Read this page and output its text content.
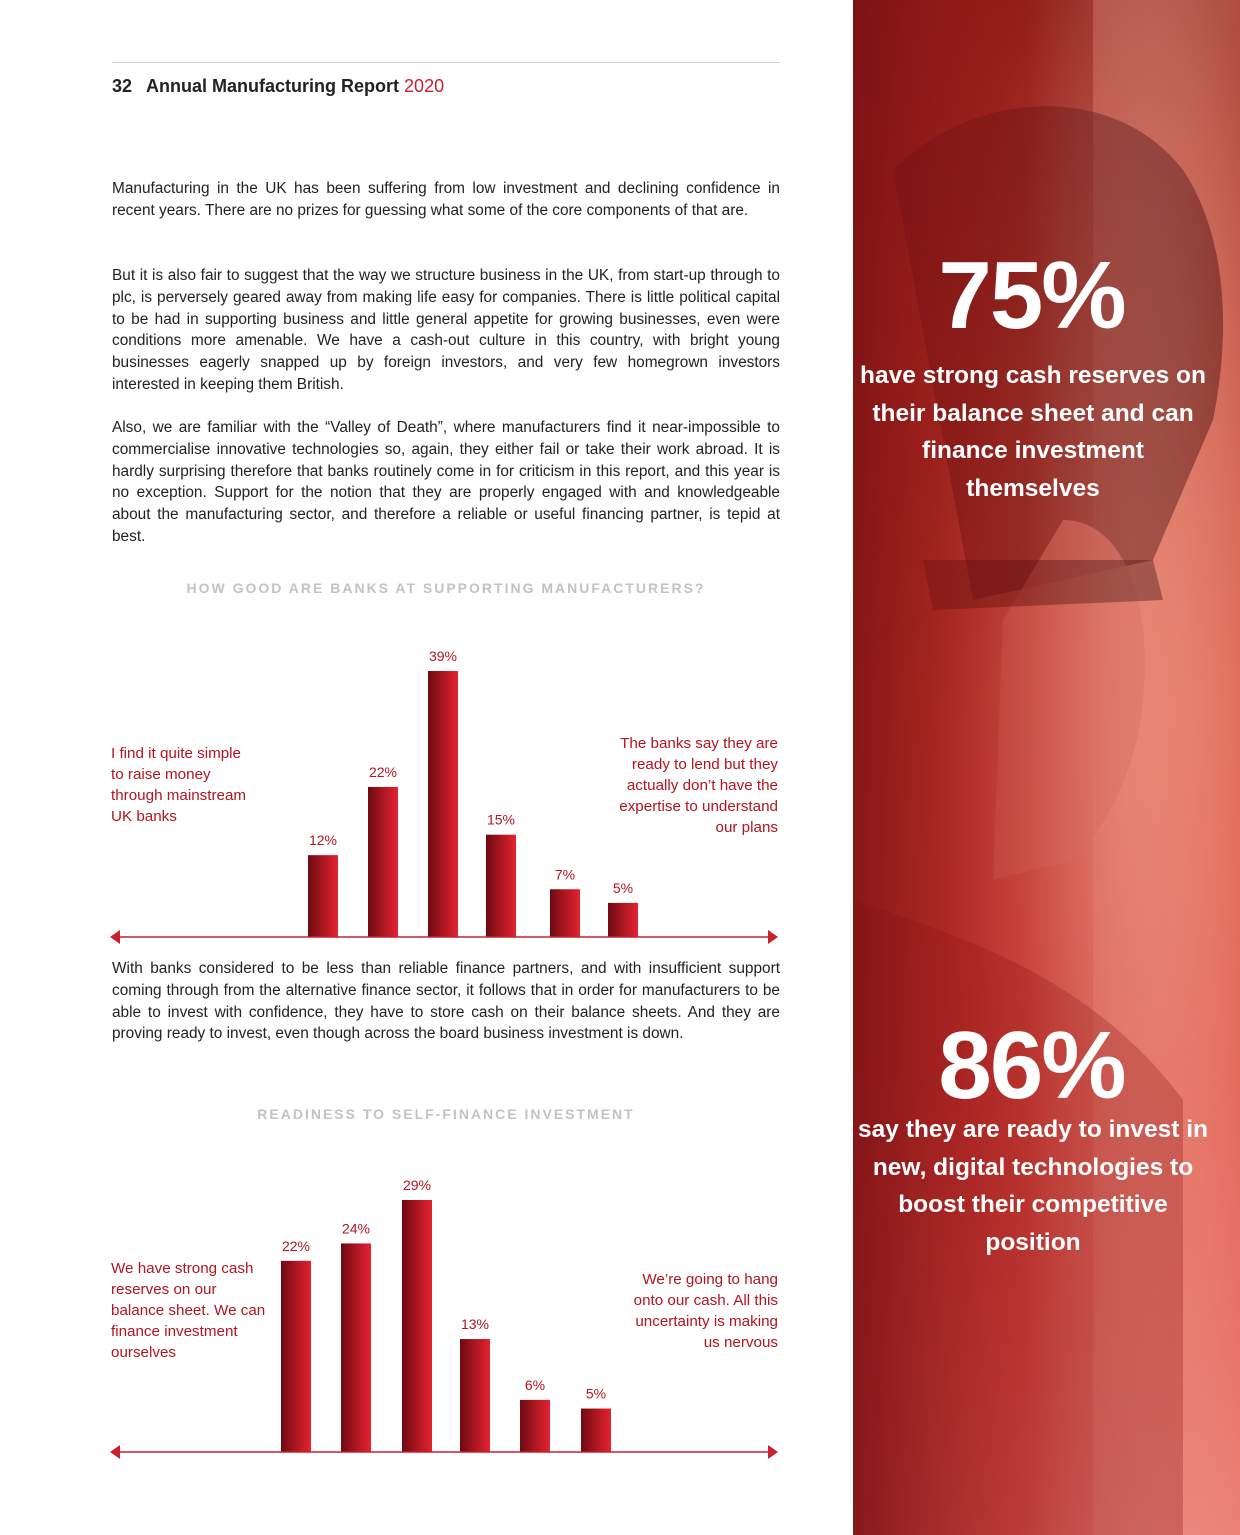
32 Annual Manufacturing Report 2020

Manufacturing in the UK has been suffering from low investment and declining confidence in recent years. There are no prizes for guessing what some of the core components of that are.

But it is also fair to suggest that the way we structure business in the UK, from start-up through to plc, is perversely geared away from making life easy for companies. There is little political capital to be had in supporting business and little general appetite for growing businesses, even were conditions more amenable. We have a cash-out culture in this country, with bright young businesses eagerly snapped up by foreign investors, and very few homegrown investors interested in keeping them British.

Also, we are familiar with the “Valley of Death”, where manufacturers find it near-impossible to commercialise innovative technologies so, again, they either fail or take their work abroad. It is hardly surprising therefore that banks routinely come in for criticism in this report, and this year is no exception. Support for the notion that they are properly engaged with and knowledgeable about the manufacturing sector, and therefore a reliable or useful financing partner, is tepid at best.

With banks considered to be less than reliable finance partners, and with insufficient support coming through from the alternative finance sector, it follows that in order for manufacturers to be able to invest with confidence, they have to store cash on their balance sheets. And they are proving ready to invest, even though across the board business investment is down.

HOW GOOD ARE BANKS AT SUPPORTING MANUFACTURERS?

I find it quite simple to raise money through mainstream UK banks

The banks say they are ready to lend but they actually don’t have the expertise to understand our plans

READINESS TO SELF-FINANCE INVESTMENT

We have strong cash reserves on our balance sheet. We can finance investment ourselves

We’re going to hang onto our cash. All this uncertainty is making us nervous

12%
22%
39%
15%
7%
5%
22%
24%
29%
13%
6%
5%
75%

have strong cash reserves on their balance sheet and can finance investment themselves

86%

say they are ready to invest in new, digital technologies to boost their competitive position
